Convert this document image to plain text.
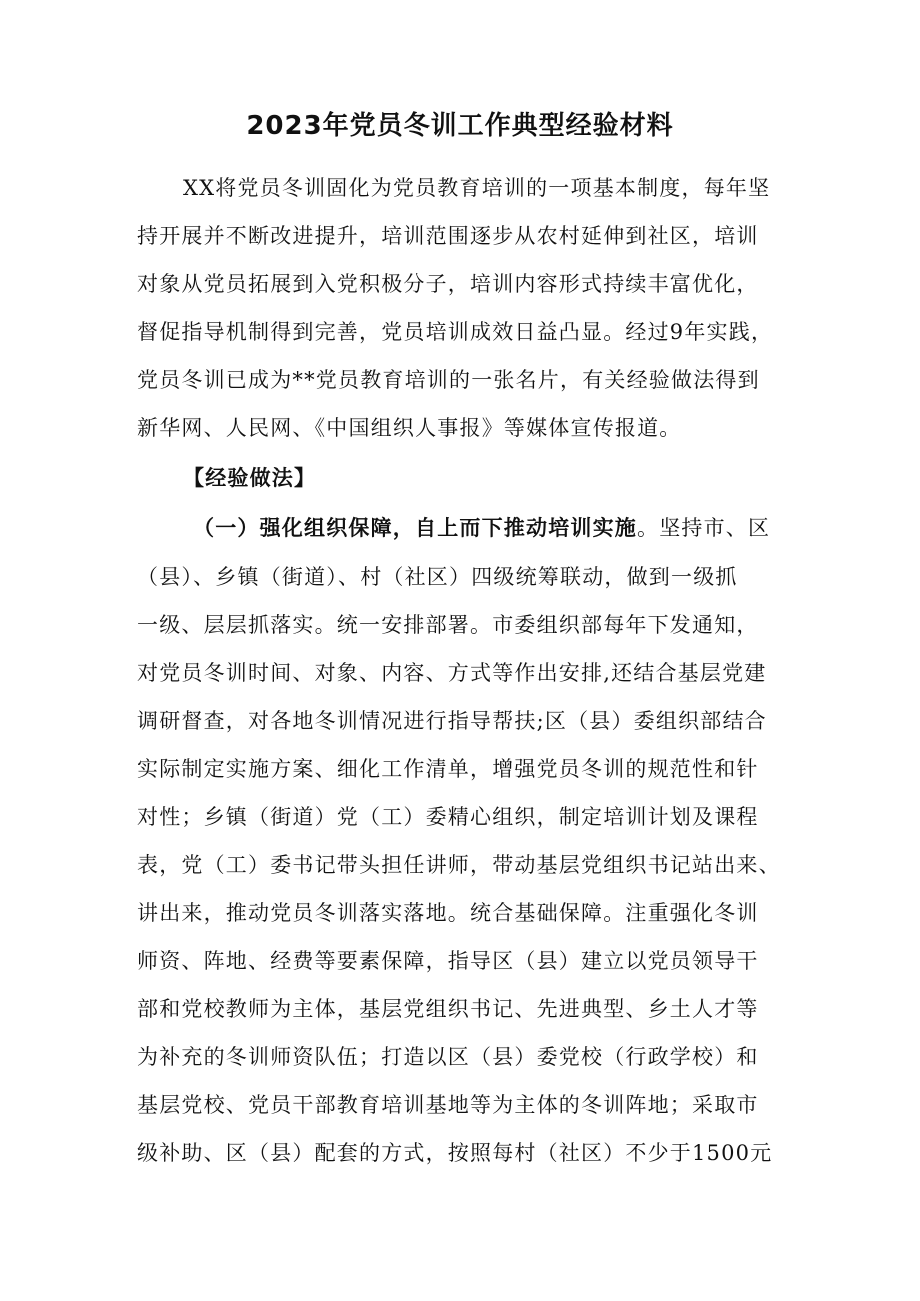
2023年党员冬训工作典型经验材料
XX将党员冬训固化为党员教育培训的一项基本制度，每年坚
持开展并不断改进提升，培训范围逐步从农村延伸到社区，培训
对象从党员拓展到入党积极分子，培训内容形式持续丰富优化，
督促指导机制得到完善，党员培训成效日益凸显。经过9年实践，
党员冬训已成为**党员教育培训的一张名片，有关经验做法得到
新华网、人民网、《中国组织人事报》等媒体宣传报道。
【经验做法】
（一）强化组织保障，自上而下推动培训实施。坚持市、区
（县）、乡镇（街道）、村（社区）四级统筹联动，做到一级抓
一级、层层抓落实。统一安排部署。市委组织部每年下发通知，
对党员冬训时间、对象、内容、方式等作出安排,还结合基层党建
调研督查，对各地冬训情况进行指导帮扶;区（县）委组织部结合
实际制定实施方案、细化工作清单，增强党员冬训的规范性和针
对性；乡镇（街道）党（工）委精心组织，制定培训计划及课程
表，党（工）委书记带头担任讲师，带动基层党组织书记站出来、
讲出来，推动党员冬训落实落地。统合基础保障。注重强化冬训
师资、阵地、经费等要素保障，指导区（县）建立以党员领导干
部和党校教师为主体，基层党组织书记、先进典型、乡土人才等
为补充的冬训师资队伍；打造以区（县）委党校（行政学校）和
基层党校、党员干部教育培训基地等为主体的冬训阵地；采取市
级补助、区（县）配套的方式，按照每村（社区）不少于1500元
